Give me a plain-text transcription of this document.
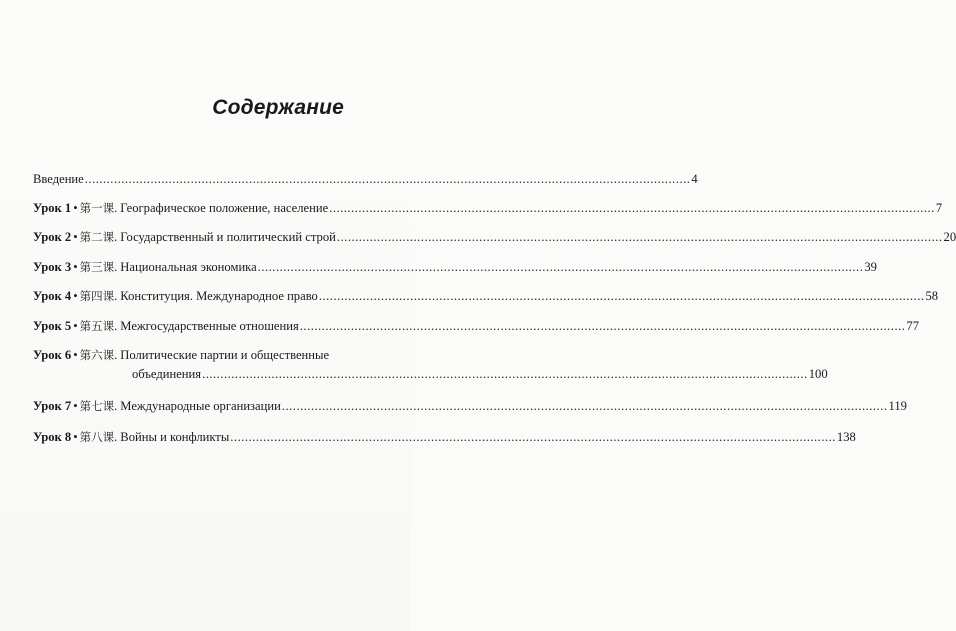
Содержание
Введение .....	4
Урок 1 • 第一课 . Географическое положение, население .....	7
Урок 2 • 第二课 . Государственный и политический строй .....	20
Урок 3 • 第三课 . Национальная экономика .....	39
Урок 4 • 第四课 . Конституция. Международное право .....	58
Урок 5 • 第五课 . Межгосударственные отношения .....	77
Урок 6 • 第六课 . Политические партии и общественные
объединения .....	100
Урок 7 • 第七课 . Международные организации .....	119
Урок 8 • 第八课 . Войны и конфликты .....	138
